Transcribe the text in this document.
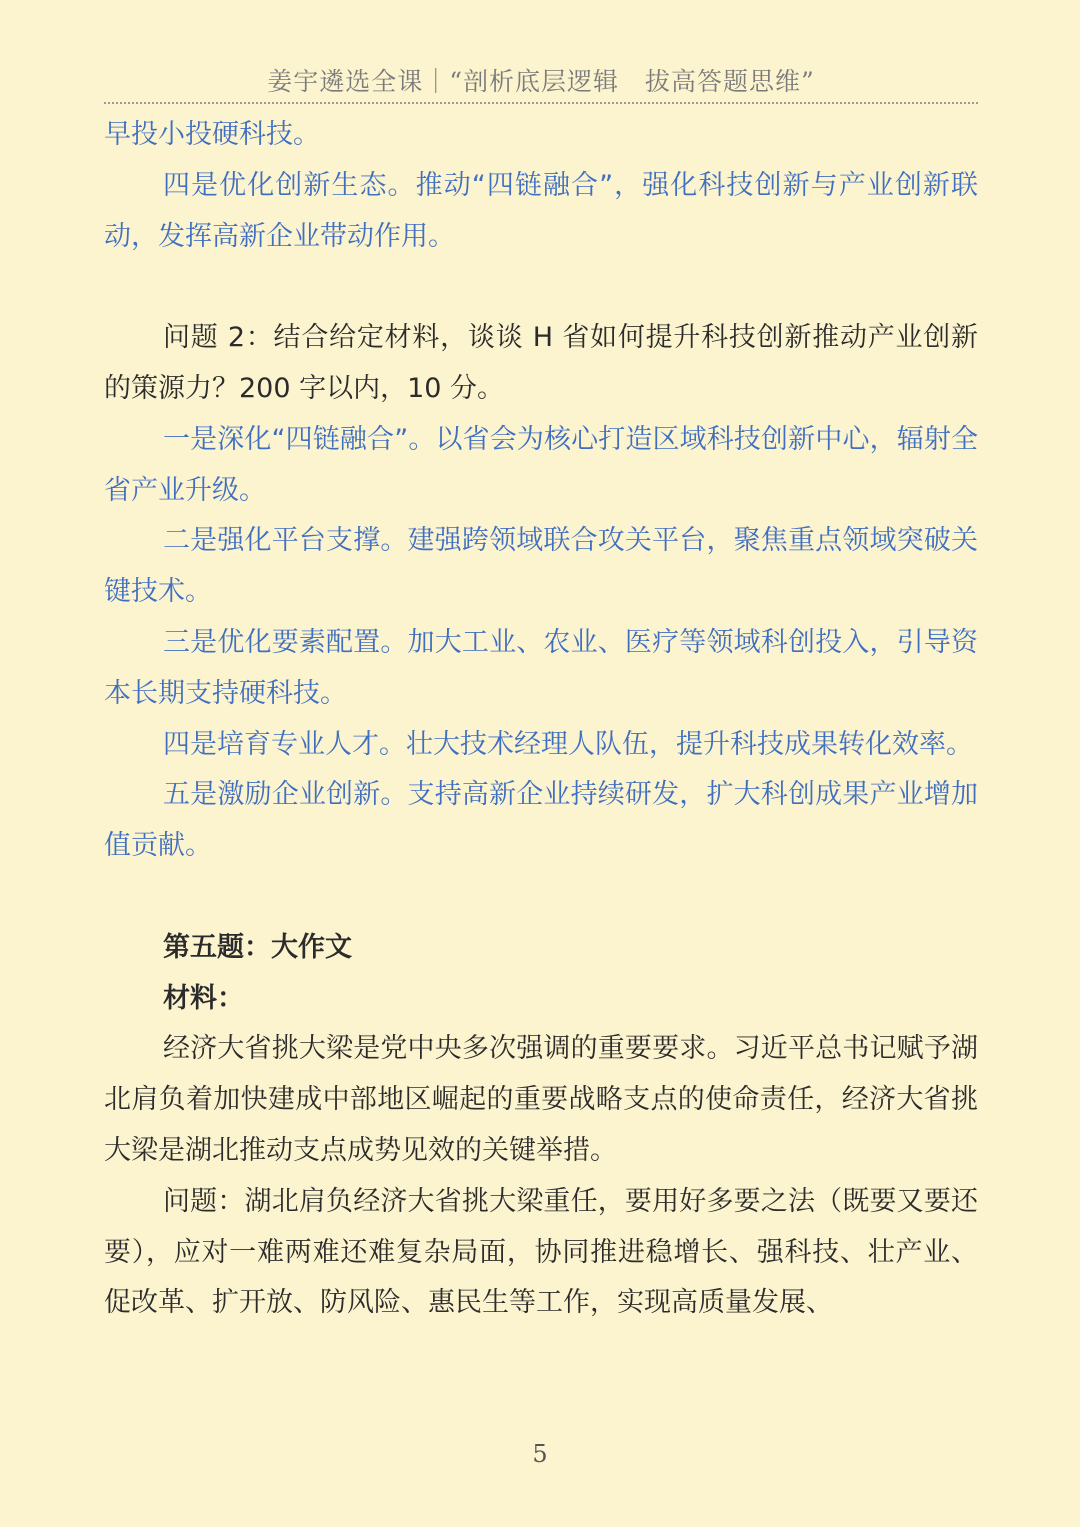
姜宇遴选全课｜“剖析底层逻辑　拔高答题思维”

早投小投硬科技。

四是优化创新生态。推动“四链融合”，强化科技创新与产业创新联动，发挥高新企业带动作用。

问题 2：结合给定材料，谈谈 H 省如何提升科技创新推动产业创新的策源力？200 字以内，10 分。

一是深化“四链融合”。以省会为核心打造区域科技创新中心，辐射全省产业升级。

二是强化平台支撑。建强跨领域联合攻关平台，聚焦重点领域突破关键技术。

三是优化要素配置。加大工业、农业、医疗等领域科创投入，引导资本长期支持硬科技。

四是培育专业人才。壮大技术经理人队伍，提升科技成果转化效率。

五是激励企业创新。支持高新企业持续研发，扩大科创成果产业增加值贡献。

第五题：大作文

材料：

经济大省挑大梁是党中央多次强调的重要要求。习近平总书记赋予湖北肩负着加快建成中部地区崛起的重要战略支点的使命责任，经济大省挑大梁是湖北推动支点成势见效的关键举措。

问题：湖北肩负经济大省挑大梁重任，要用好多要之法（既要又要还要），应对一难两难还难复杂局面，协同推进稳增长、强科技、壮产业、促改革、扩开放、防风险、惠民生等工作，实现高质量发展、

5
